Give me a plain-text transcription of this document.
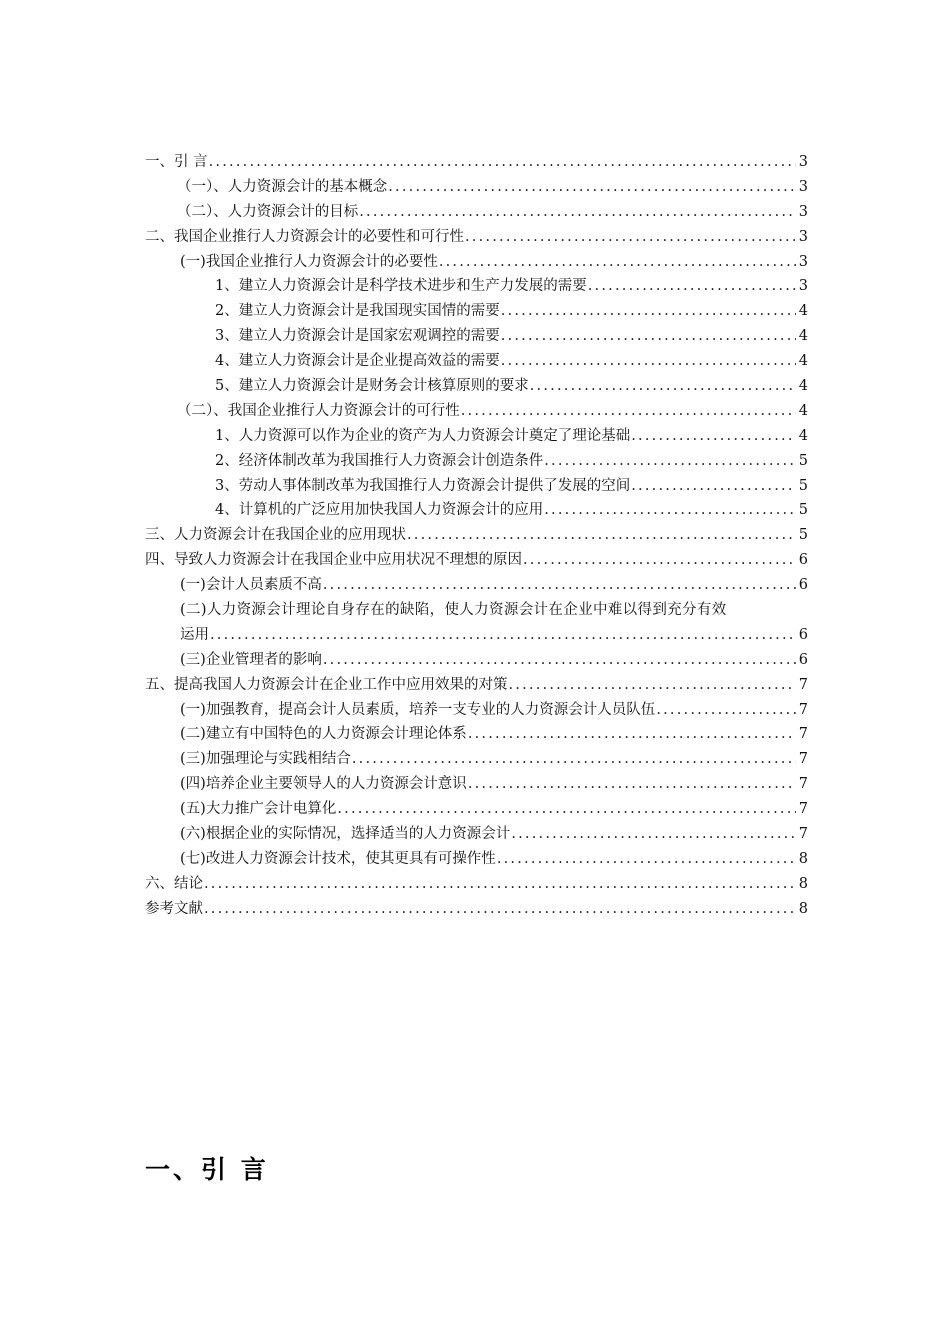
一、引 言 .....	3
（一）、人力资源会计的基本概念 .....	3
（二）、人力资源会计的目标 .....	3
二、我国企业推行人力资源会计的必要性和可行性 .....	3
(一)我国企业推行人力资源会计的必要性 .....	3
1、建立人力资源会计是科学技术进步和生产力发展的需要 .....	3
2、建立人力资源会计是我国现实国情的需要 .....	4
3、建立人力资源会计是国家宏观调控的需要 .....	4
4、建立人力资源会计是企业提高效益的需要 .....	4
5、建立人力资源会计是财务会计核算原则的要求 .....	4
（二）、我国企业推行人力资源会计的可行性 .....	4
1、人力资源可以作为企业的资产为人力资源会计奠定了理论基础 .....	4
2、经济体制改革为我国推行人力资源会计创造条件 .....	5
3、劳动人事体制改革为我国推行人力资源会计提供了发展的空间 .....	5
4、计算机的广泛应用加快我国人力资源会计的应用 .....	5
三、人力资源会计在我国企业的应用现状 .....	5
四、导致人力资源会计在我国企业中应用状况不理想的原因 .....	6
(一)会计人员素质不高 .....	6
(二)人力资源会计理论自身存在的缺陷，使人力资源会计在企业中难以得到充分有效
运用 .....	6
(三)企业管理者的影响 .....	6
五、提高我国人力资源会计在企业工作中应用效果的对策 .....	7
(一)加强教育，提高会计人员素质，培养一支专业的人力资源会计人员队伍 .....	7
(二)建立有中国特色的人力资源会计理论体系 .....	7
(三)加强理论与实践相结合 .....	7
(四)培养企业主要领导人的人力资源会计意识 .....	7
(五)大力推广会计电算化 .....	7
(六)根据企业的实际情况，选择适当的人力资源会计 .....	7
(七)改进人力资源会计技术，使其更具有可操作性 .....	8
六、结论 .....	8
参考文献 .....	8
一、引 言
